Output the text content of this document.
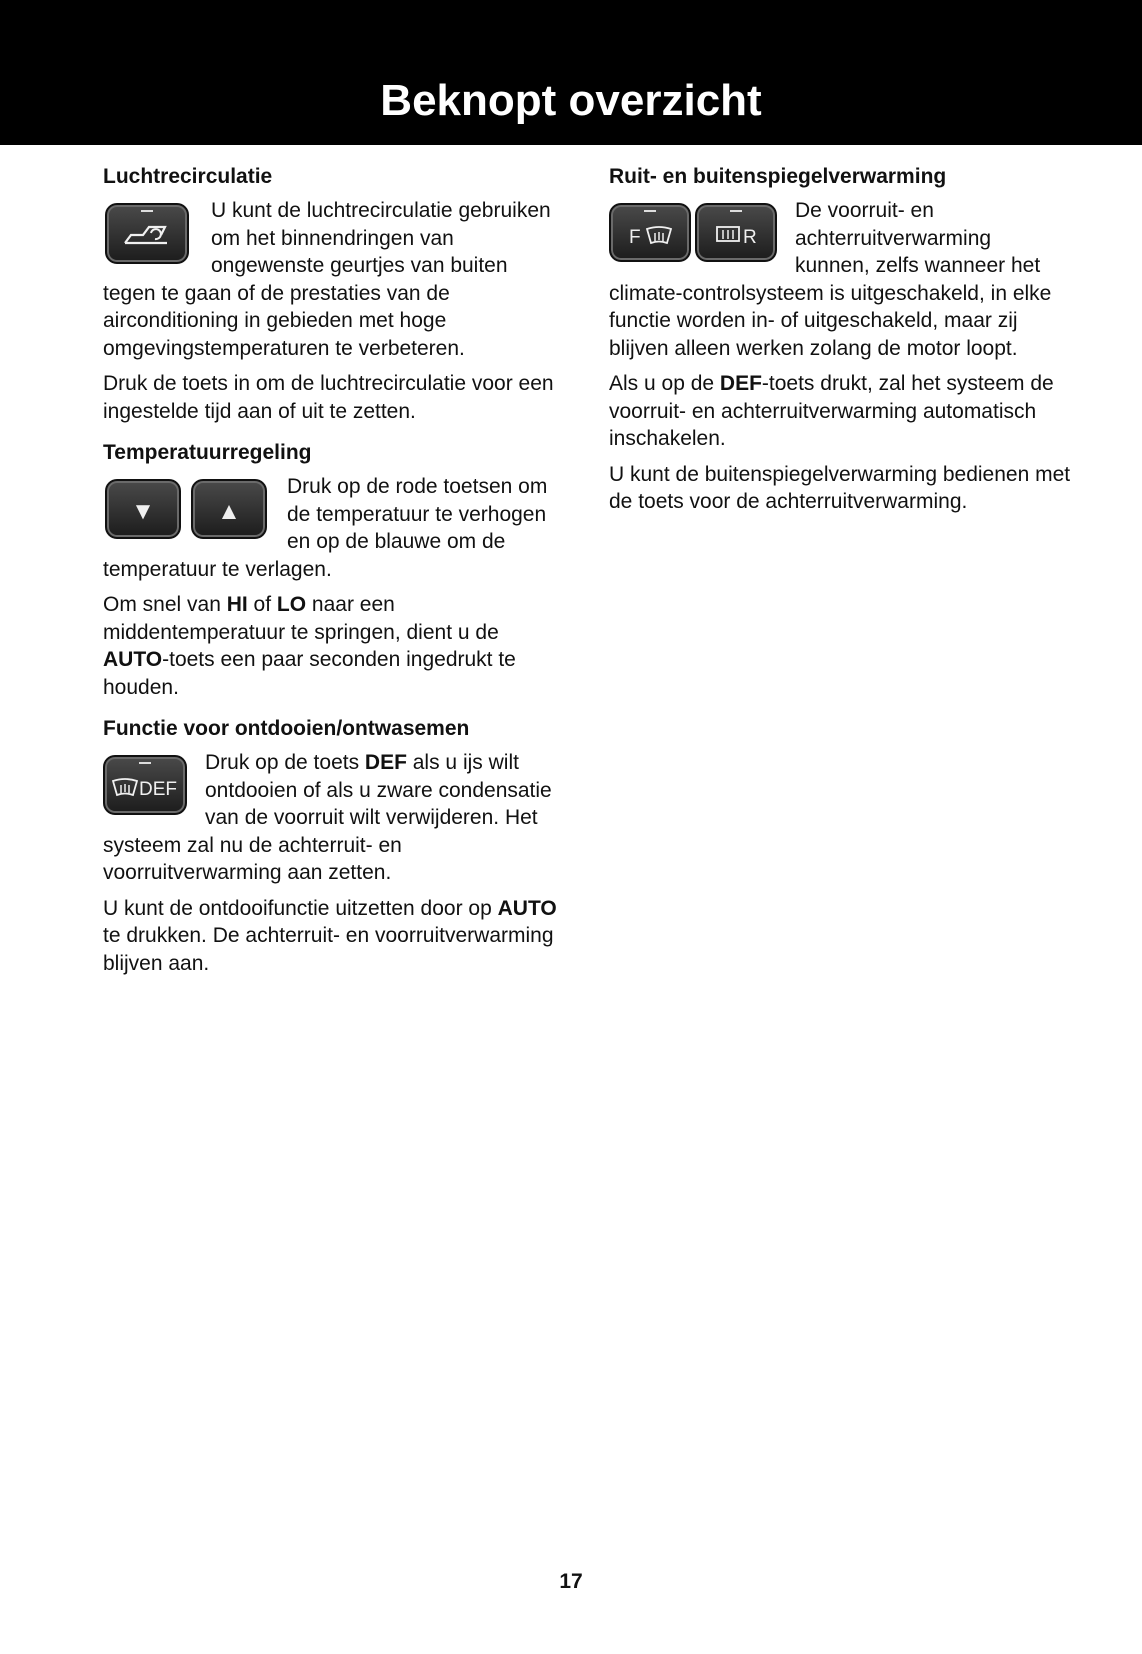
Beknopt overzicht
Luchtrecirculatie

U kunt de luchtrecirculatie gebruiken om het binnendringen van ongewenste geurtjes van buiten tegen te gaan of de prestaties van de airconditioning in gebieden met hoge omgevingstemperaturen te verbeteren.

Druk de toets in om de luchtrecirculatie voor een ingestelde tijd aan of uit te zetten.

Temperatuurregeling
▼	▲

Druk op de rode toetsen om de temperatuur te verhogen en op de blauwe om de temperatuur te verlagen.

Om snel van HI of LO naar een middentemperatuur te springen, dient u de AUTO-toets een paar seconden ingedrukt te houden.

Functie voor ontdooien/ontwasemen
DEF

Druk op de toets DEF als u ijs wilt ontdooien of als u zware condensatie van de voorruit wilt verwijderen. Het systeem zal nu de achterruit- en voorruitverwarming aan zetten.

U kunt de ontdooifunctie uitzetten door op AUTO te drukken. De achterruit- en voorruitverwarming blijven aan.

Ruit- en buitenspiegelverwarming
F	R

De voorruit- en achterruitverwarming kunnen, zelfs wanneer het climate-controlsysteem is uitgeschakeld, in elke functie worden in- of uitgeschakeld, maar zij blijven alleen werken zolang de motor loopt.

Als u op de DEF-toets drukt, zal het systeem de voorruit- en achterruitverwarming automatisch inschakelen.

U kunt de buitenspiegelverwarming bedienen met de toets voor de achterruitverwarming.

17
